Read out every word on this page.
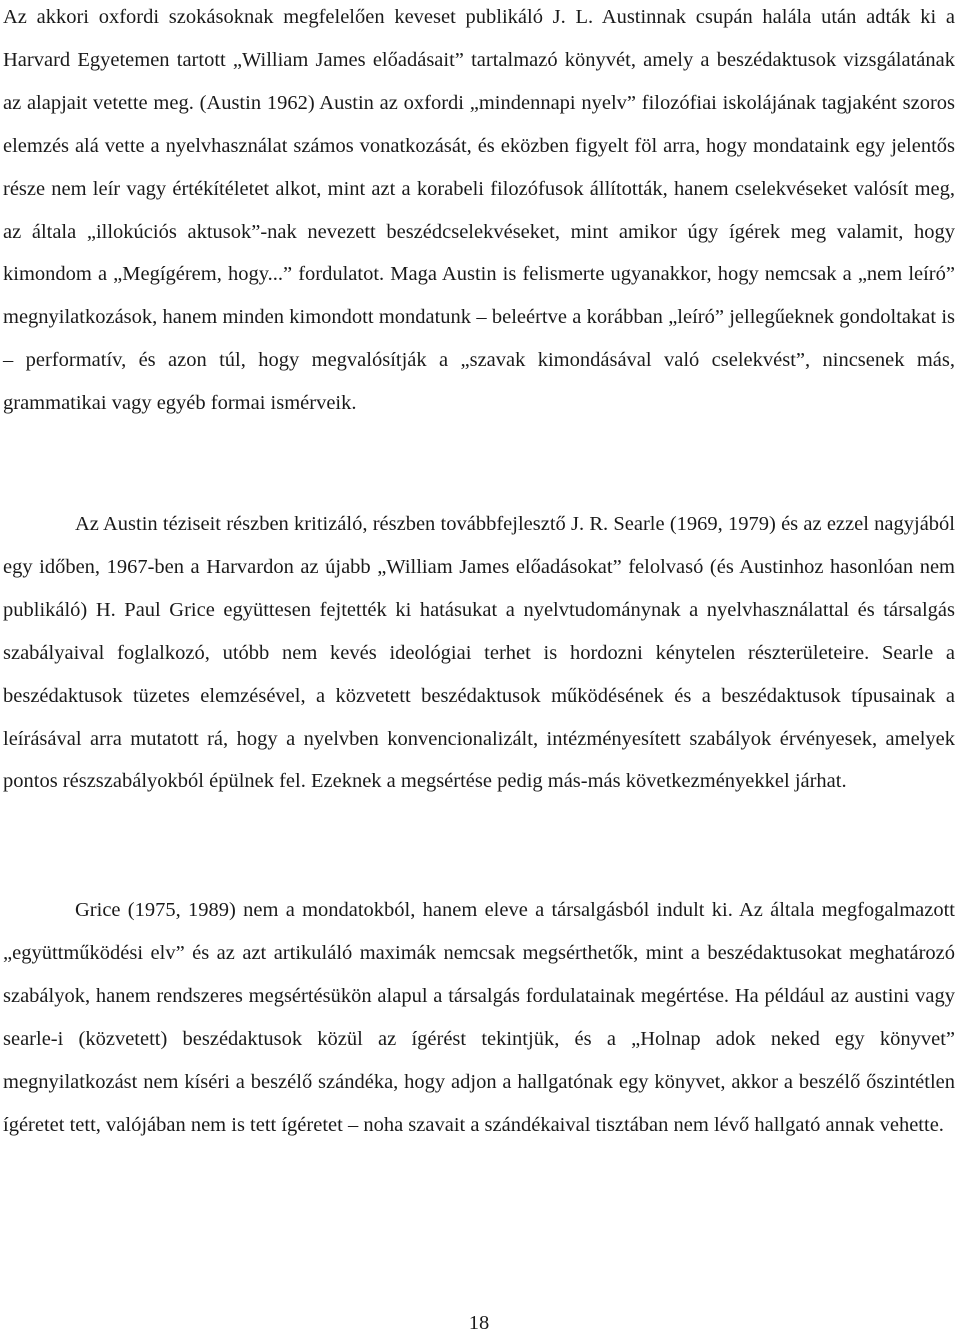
Az akkori oxfordi szokásoknak megfelelően keveset publikáló J. L. Austinnak csupán halála után adták ki a Harvard Egyetemen tartott „William James előadásait” tartalmazó könyvét, amely a beszédaktusok vizsgálatának az alapjait vetette meg. (Austin 1962) Austin az oxfordi „mindennapi nyelv” filozófiai iskolájának tagjaként szoros elemzés alá vette a nyelvhasználat számos vonatkozását, és eközben figyelt föl arra, hogy mondataink egy jelentős része nem leír vagy értékítéletet alkot, mint azt a korabeli filozófusok állították, hanem cselekvéseket valósít meg, az általa „illokúciós aktusok”-nak nevezett beszédcselekvéseket, mint amikor úgy ígérek meg valamit, hogy kimondom a „Megígérem, hogy...” fordulatot. Maga Austin is felismerte ugyanakkor, hogy nemcsak a „nem leíró” megnyilatkozások, hanem minden kimondott mondatunk – beleértve a korábban „leíró” jellegűeknek gondoltakat is – performatív, és azon túl, hogy megvalósítják a „szavak kimondásával való cselekvést”, nincsenek más, grammatikai vagy egyéb formai ismérveik.

Az Austin téziseit részben kritizáló, részben továbbfejlesztő J. R. Searle (1969, 1979) és az ezzel nagyjából egy időben, 1967-ben a Harvardon az újabb „William James előadásokat” felolvasó (és Austinhoz hasonlóan nem publikáló) H. Paul Grice együttesen fejtették ki hatásukat a nyelvtudománynak a nyelvhasználattal és társalgás szabályaival foglalkozó, utóbb nem kevés ideológiai terhet is hordozni kénytelen részterületeire. Searle a beszédaktusok tüzetes elemzésével, a közvetett beszédaktusok működésének és a beszédaktusok típusainak a leírásával arra mutatott rá, hogy a nyelvben konvencionalizált, intézményesített szabályok érvényesek, amelyek pontos részszabályokból épülnek fel. Ezeknek a megsértése pedig más-más következményekkel járhat.

Grice (1975, 1989) nem a mondatokból, hanem eleve a társalgásból indult ki. Az általa megfogalmazott „együttműködési elv” és az azt artikuláló maximák nemcsak megsérthetők, mint a beszédaktusokat meghatározó szabályok, hanem rendszeres megsértésükön alapul a társalgás fordulatainak megértése. Ha például az austini vagy searle-i (közvetett) beszédaktusok közül az ígérést tekintjük, és a „Holnap adok neked egy könyvet” megnyilatkozást nem kíséri a beszélő szándéka, hogy adjon a hallgatónak egy könyvet, akkor a beszélő őszintétlen ígéretet tett, valójában nem is tett ígéretet – noha szavait a szándékaival tisztában nem lévő hallgató annak vehette.

18
